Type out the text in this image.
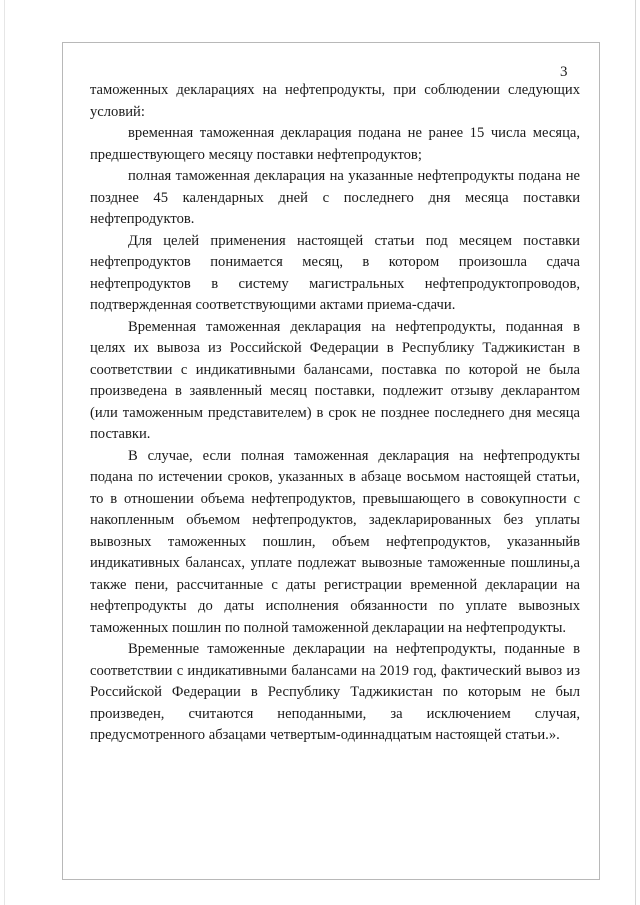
3

таможенных декларациях на нефтепродукты, при соблюдении следующих условий:

временная таможенная декларация подана не ранее 15 числа месяца, предшествующего месяцу поставки нефтепродуктов;

полная таможенная декларация на указанные нефтепродукты подана не позднее 45 календарных дней с последнего дня месяца поставки нефтепродуктов.

Для целей применения настоящей статьи под месяцем поставки нефтепродуктов понимается месяц, в котором произошла сдача нефтепродуктов в систему магистральных нефтепродуктопроводов, подтвержденная соответствующими актами приема-сдачи.

Временная таможенная декларация на нефтепродукты, поданная в целях их вывоза из Российской Федерации в Республику Таджикистан в соответствии с индикативными балансами, поставка по которой не была произведена в заявленный месяц поставки, подлежит отзыву декларантом (или таможенным представителем) в срок не позднее последнего дня месяца поставки.

В случае, если полная таможенная декларация на нефтепродукты подана по истечении сроков, указанных в абзаце восьмом настоящей статьи, то в отношении объема нефтепродуктов, превышающего в совокупности с накопленным объемом нефтепродуктов, задекларированных без уплаты вывозных таможенных пошлин, объем нефтепродуктов, указанныйв индикативных балансах, уплате подлежат вывозные таможенные пошлины,а также пени, рассчитанные с даты регистрации временной декларации на нефтепродукты до даты исполнения обязанности по уплате вывозных таможенных пошлин по полной таможенной декларации на нефтепродукты.

Временные таможенные декларации на нефтепродукты, поданные в соответствии с индикативными балансами на 2019 год, фактический вывоз из Российской Федерации в Республику Таджикистан по которым не был произведен, считаются неподанными, за исключением случая, предусмотренного абзацами четвертым-одиннадцатым настоящей статьи.».
